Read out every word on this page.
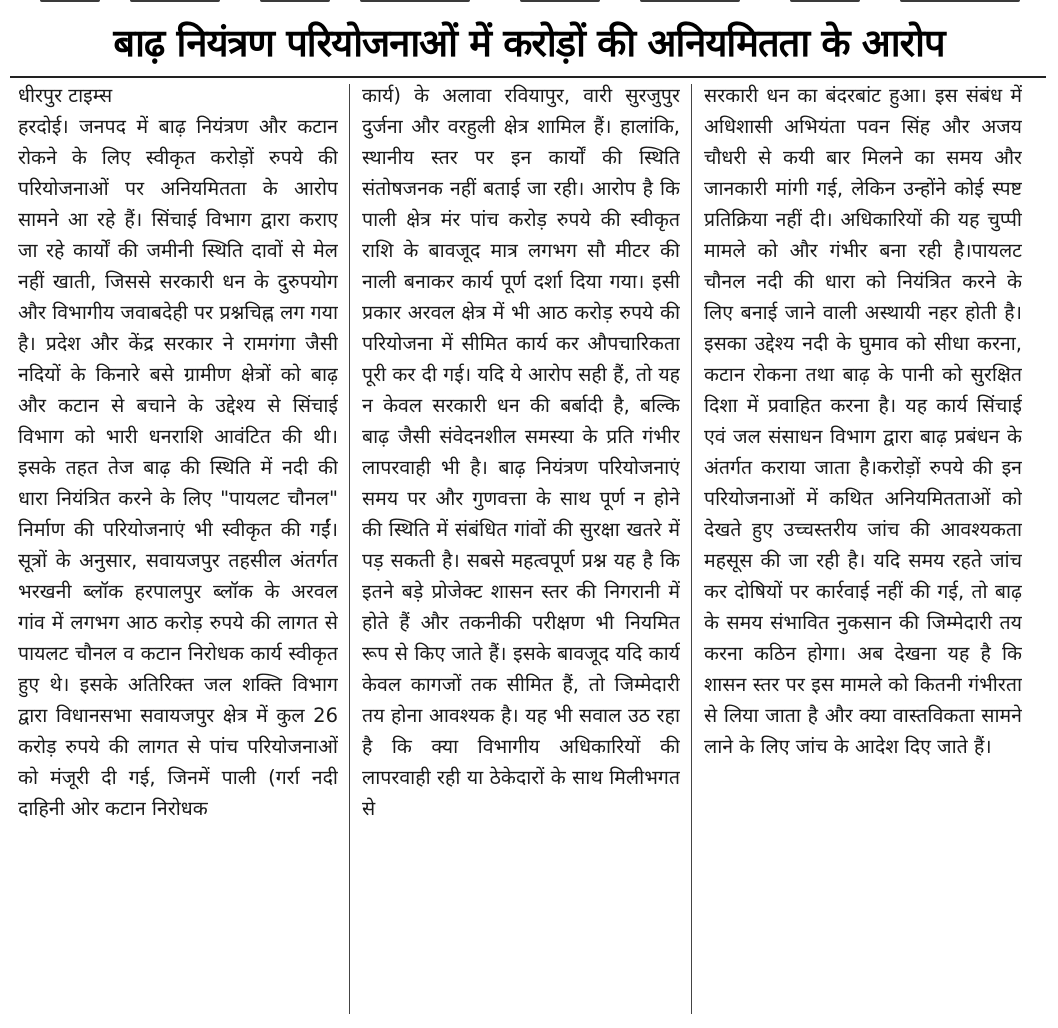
बाढ़ नियंत्रण परियोजनाओं में करोड़ों की अनियमितता के आरोप

धीरपुर टाइम्स

हरदोई। जनपद में बाढ़ नियंत्रण और कटान रोकने के लिए स्वीकृत करोड़ों रुपये की परियोजनाओं पर अनियमितता के आरोप सामने आ रहे हैं। सिंचाई विभाग द्वारा कराए जा रहे कार्यों की जमीनी स्थिति दावों से मेल नहीं खाती, जिससे सरकारी धन के दुरुपयोग और विभागीय जवाबदेही पर प्रश्नचिह्न लग गया है। प्रदेश और केंद्र सरकार ने रामगंगा जैसी नदियों के किनारे बसे ग्रामीण क्षेत्रों को बाढ़ और कटान से बचाने के उद्देश्य से सिंचाई विभाग को भारी धनराशि आवंटित की थी। इसके तहत तेज बाढ़ की स्थिति में नदी की धारा नियंत्रित करने के लिए "पायलट चौनल" निर्माण की परियोजनाएं भी स्वीकृत की गईं। सूत्रों के अनुसार, सवायजपुर तहसील अंतर्गत भरखनी ब्लॉक हरपालपुर ब्लॉक के अरवल गांव में लगभग आठ करोड़ रुपये की लागत से पायलट चौनल व कटान निरोधक कार्य स्वीकृत हुए थे। इसके अतिरिक्त जल शक्ति विभाग द्वारा विधानसभा सवायजपुर क्षेत्र में कुल 26 करोड़ रुपये की लागत से पांच परियोजनाओं को मंजूरी दी गई, जिनमें पाली (गर्रा नदी दाहिनी ओर कटान निरोधक

कार्य) के अलावा रवियापुर, वारी सुरजुपुर दुर्जना और वरहुली क्षेत्र शामिल हैं। हालांकि, स्थानीय स्तर पर इन कार्यों की स्थिति संतोषजनक नहीं बताई जा रही। आरोप है कि पाली क्षेत्र मंर पांच करोड़ रुपये की स्वीकृत राशि के बावजूद मात्र लगभग सौ मीटर की नाली बनाकर कार्य पूर्ण दर्शा दिया गया। इसी प्रकार अरवल क्षेत्र में भी आठ करोड़ रुपये की परियोजना में सीमित कार्य कर औपचारिकता पूरी कर दी गई। यदि ये आरोप सही हैं, तो यह न केवल सरकारी धन की बर्बादी है, बल्कि बाढ़ जैसी संवेदनशील समस्या के प्रति गंभीर लापरवाही भी है। बाढ़ नियंत्रण परियोजनाएं समय पर और गुणवत्ता के साथ पूर्ण न होने की स्थिति में संबंधित गांवों की सुरक्षा खतरे में पड़ सकती है। सबसे महत्वपूर्ण प्रश्न यह है कि इतने बड़े प्रोजेक्ट शासन स्तर की निगरानी में होते हैं और तकनीकी परीक्षण भी नियमित रूप से किए जाते हैं। इसके बावजूद यदि कार्य केवल कागजों तक सीमित हैं, तो जिम्मेदारी तय होना आवश्यक है। यह भी सवाल उठ रहा है कि क्या विभागीय अधिकारियों की लापरवाही रही या ठेकेदारों के साथ मिलीभगत से

सरकारी धन का बंदरबांट हुआ। इस संबंध में अधिशासी अभियंता पवन सिंह और अजय चौधरी से कयी बार मिलने का समय और जानकारी मांगी गई, लेकिन उन्होंने कोई स्पष्ट प्रतिक्रिया नहीं दी। अधिकारियों की यह चुप्पी मामले को और गंभीर बना रही है।पायलट चौनल नदी की धारा को नियंत्रित करने के लिए बनाई जाने वाली अस्थायी नहर होती है। इसका उद्देश्य नदी के घुमाव को सीधा करना, कटान रोकना तथा बाढ़ के पानी को सुरक्षित दिशा में प्रवाहित करना है। यह कार्य सिंचाई एवं जल संसाधन विभाग द्वारा बाढ़ प्रबंधन के अंतर्गत कराया जाता है।करोड़ों रुपये की इन परियोजनाओं में कथित अनियमितताओं को देखते हुए उच्चस्तरीय जांच की आवश्यकता महसूस की जा रही है। यदि समय रहते जांच कर दोषियों पर कार्रवाई नहीं की गई, तो बाढ़ के समय संभावित नुकसान की जिम्मेदारी तय करना कठिन होगा। अब देखना यह है कि शासन स्तर पर इस मामले को कितनी गंभीरता से लिया जाता है और क्या वास्तविकता सामने लाने के लिए जांच के आदेश दिए जाते हैं।
